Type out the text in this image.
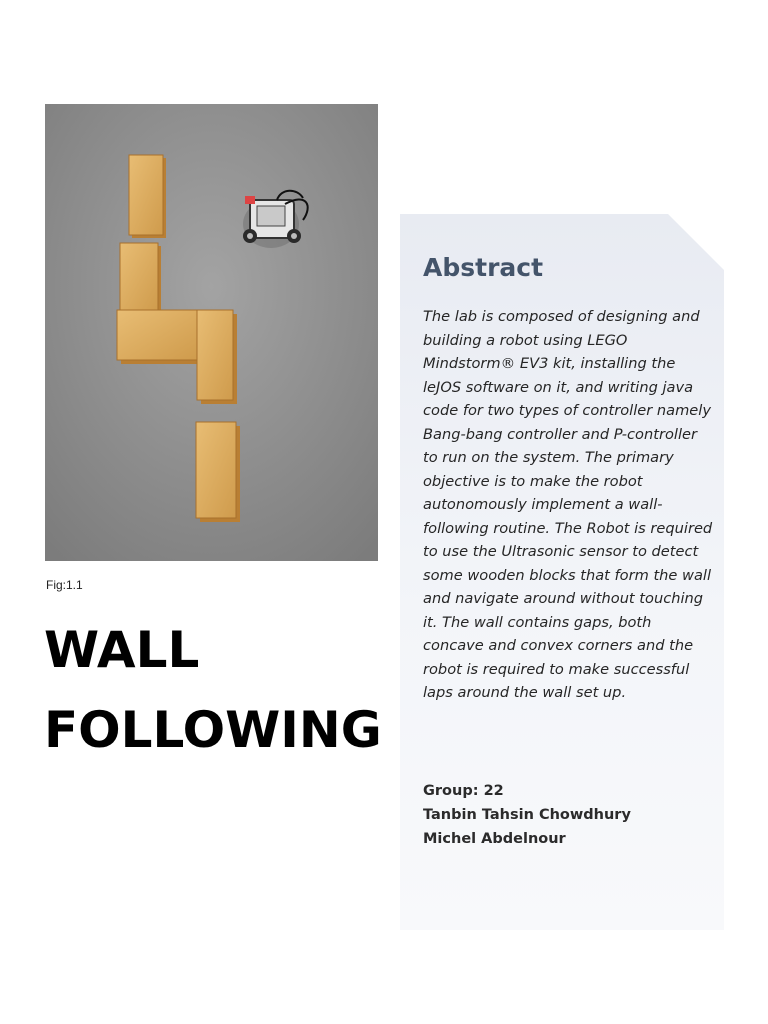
Fig:1.1
WALL
FOLLOWING
Abstract

The lab is composed of designing and building a robot using LEGO Mindstorm® EV3 kit, installing the leJOS software on it, and writing java code for two types of controller namely Bang-bang controller and P-controller to run on the system. The primary objective is to make the robot autonomously implement a wall-following routine. The Robot is required to use the Ultrasonic sensor to detect some wooden blocks that form the wall and navigate around without touching it. The wall contains gaps, both concave and convex corners and the robot is required to make successful laps around the wall set up.

Group: 22
Tanbin Tahsin Chowdhury
Michel Abdelnour
